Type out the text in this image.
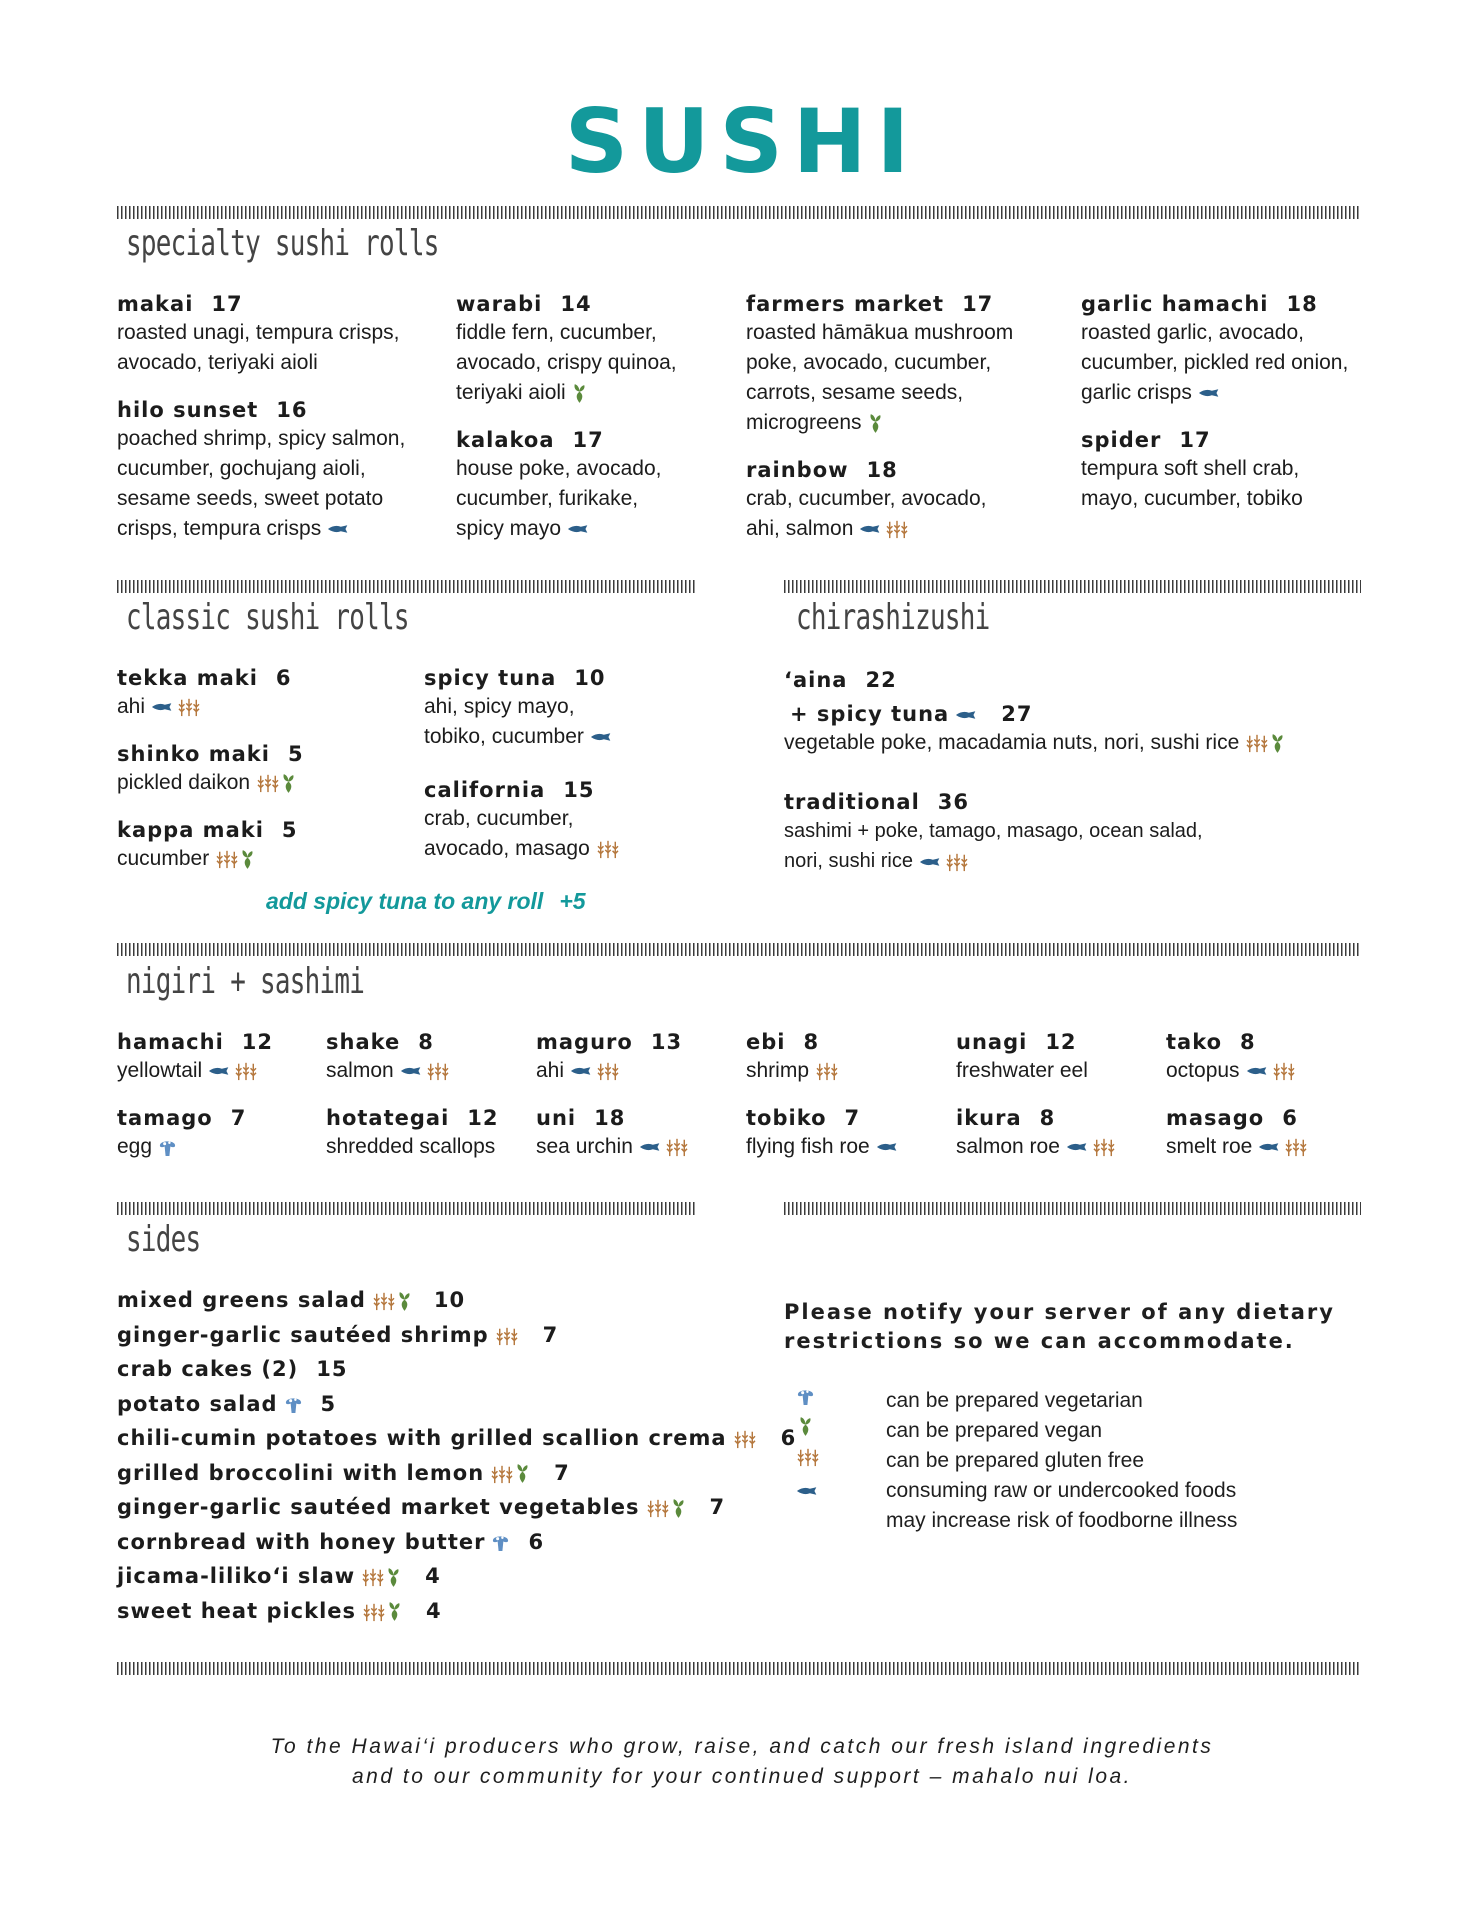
SUSHI
specialty sushi rolls
makai 17
roasted unagi, tempura crisps,
avocado, teriyaki aioli
hilo sunset 16
poached shrimp, spicy salmon,
cucumber, gochujang aioli,
sesame seeds, sweet potato
crisps, tempura crisps
warabi 14
fiddle fern, cucumber,
avocado, crispy quinoa,
teriyaki aioli
kalakoa 17
house poke, avocado,
cucumber, furikake,
spicy mayo
farmers market 17
roasted hāmākua mushroom
poke, avocado, cucumber,
carrots, sesame seeds,
microgreens
rainbow 18
crab, cucumber, avocado,
ahi, salmon
garlic hamachi 18
roasted garlic, avocado,
cucumber, pickled red onion,
garlic crisps
spider 17
tempura soft shell crab,
mayo, cucumber, tobiko
classic sushi rolls
tekka maki 6
ahi
shinko maki 5
pickled daikon
kappa maki 5
cucumber
spicy tuna 10
ahi, spicy mayo,
tobiko, cucumber
california 15
crab, cucumber,
avocado, masago
add spicy tuna to any roll +5
chirashizushi
‘aina 22
+ spicy tuna 27
vegetable poke, macadamia nuts, nori, sushi rice
traditional 36
sashimi + poke, tamago, masago, ocean salad,
nori, sushi rice
nigiri + sashimi
hamachi 12
yellowtail
shake 8
salmon
maguro 13
ahi
ebi 8
shrimp
unagi 12
freshwater eel
tako 8
octopus
tamago 7
egg
hotategai 12
shredded scallops
uni 18
sea urchin
tobiko 7
flying fish roe
ikura 8
salmon roe
masago 6
smelt roe
sides
mixed greens salad	10
ginger-garlic sautéed shrimp	7
crab cakes (2) 15
potato salad 5
chili-cumin potatoes with grilled scallion crema	6
grilled broccolini with lemon	7
ginger-garlic sautéed market vegetables	7
cornbread with honey butter 6
jicama-liliko‘i slaw	4
sweet heat pickles	4
Please notify your server of any dietary
restrictions so we can accommodate.
can be prepared vegetarian
can be prepared vegan
can be prepared gluten free
consuming raw or undercooked foods
may increase risk of foodborne illness
To the Hawai‘i producers who grow, raise, and catch our fresh island ingredients
and to our community for your continued support – mahalo nui loa.
